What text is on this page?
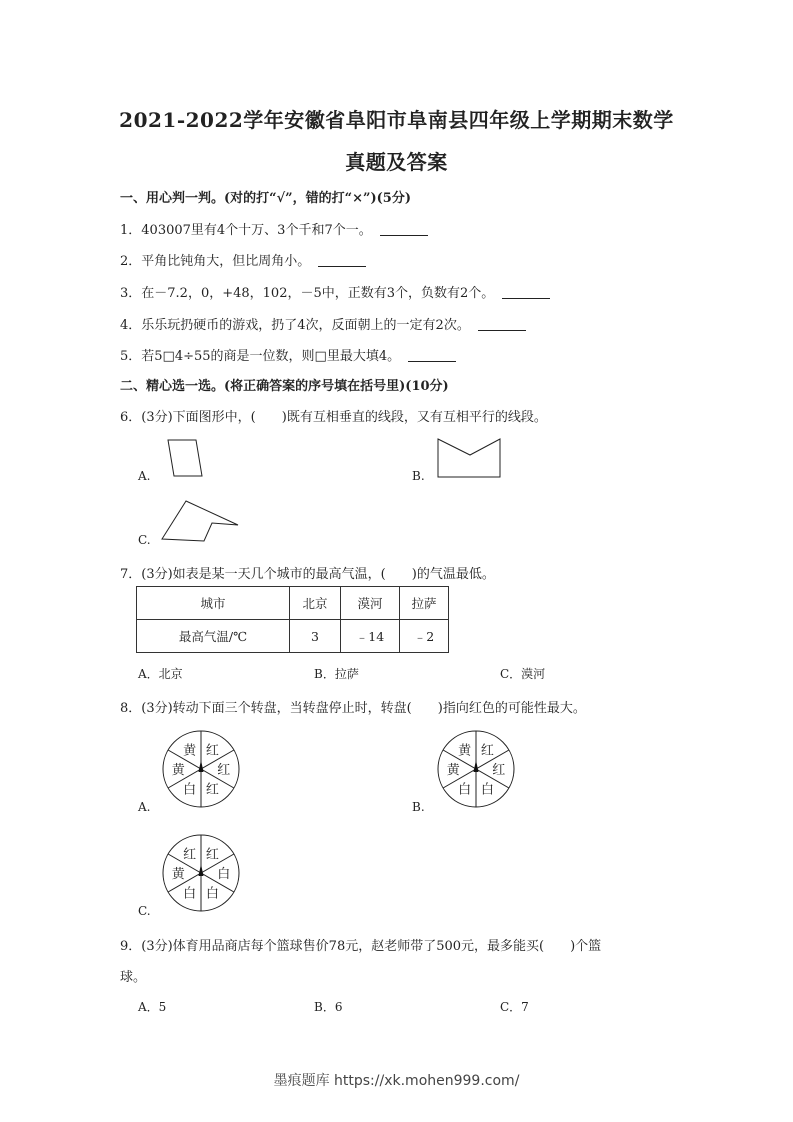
2021-2022学年安徽省阜阳市阜南县四年级上学期期末数学
真题及答案
一、用心判一判。(对的打“√”，错的打“×”)(5分)
1．403007里有4个十万、3个千和7个一。
2．平角比钝角大，但比周角小。
3．在－7.2，0，+48，102，－5中，正数有3个，负数有2个。
4．乐乐玩扔硬币的游戏，扔了4次，反面朝上的一定有2次。
5．若5□4÷55的商是一位数，则□里最大填4。
二、精心选一选。(将正确答案的序号填在括号里)(10分)
6．(3分)下面图形中，(　　)既有互相垂直的线段，又有互相平行的线段。
A.	B.
C.
7．(3分)如表是某一天几个城市的最高气温，(　　)的气温最低。
城市	北京	漠河	拉萨
最高气温/℃	3	﹣14	﹣2
A．北京	B．拉萨	C．漠河
8．(3分)转动下面三个转盘，当转盘停止时，转盘(　　)指向红色的可能性最大。
A.
红
红
红
白
黄
黄
B.
红
红
白
白
黄
黄
C.
红
白
白
白
黄
红
9．(3分)体育用品商店每个篮球售价78元，赵老师带了500元，最多能买(　　)个篮
球。
A．5	B．6	C．7
墨痕题库 https://xk.mohen999.com/
